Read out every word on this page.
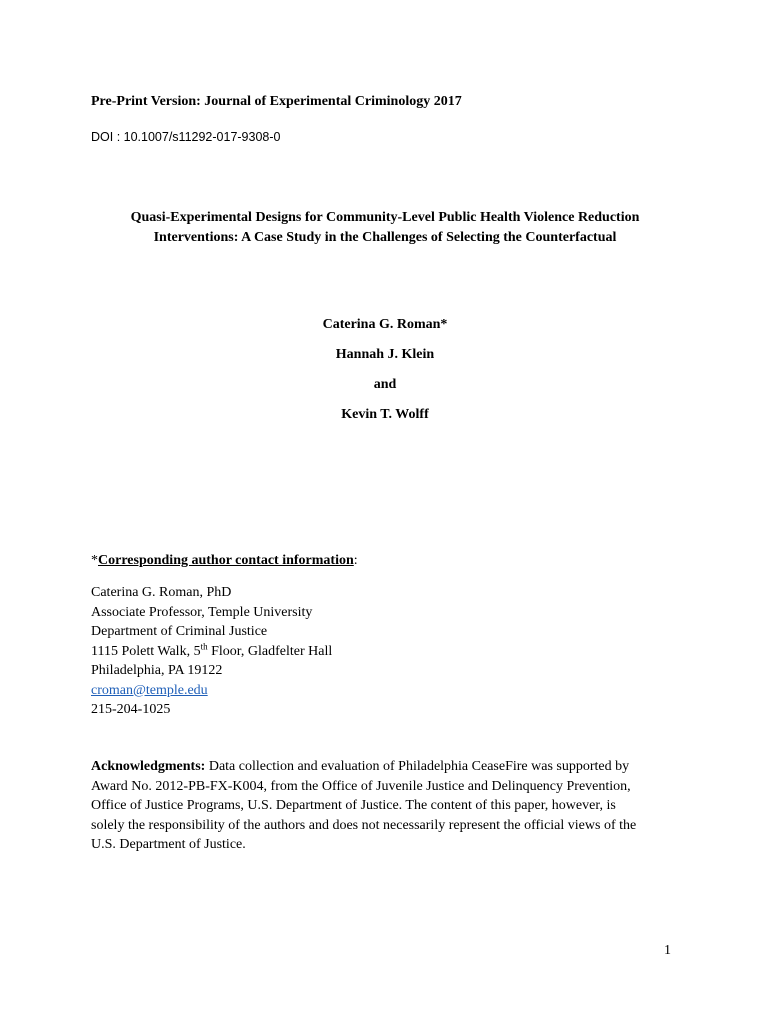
Pre-Print Version: Journal of Experimental Criminology 2017
DOI : 10.1007/s11292-017-9308-0
Quasi-Experimental Designs for Community-Level Public Health Violence Reduction
Interventions: A Case Study in the Challenges of Selecting the Counterfactual
Caterina G. Roman*
Hannah J. Klein
and
Kevin T. Wolff
*Corresponding author contact information:
Caterina G. Roman, PhD
Associate Professor, Temple University
Department of Criminal Justice
1115 Polett Walk, 5th Floor, Gladfelter Hall
Philadelphia, PA 19122
croman@temple.edu
215-204-1025
Acknowledgments: Data collection and evaluation of Philadelphia CeaseFire was supported by
Award No. 2012-PB-FX-K004, from the Office of Juvenile Justice and Delinquency Prevention,
Office of Justice Programs, U.S. Department of Justice. The content of this paper, however, is
solely the responsibility of the authors and does not necessarily represent the official views of the
U.S. Department of Justice.
1
